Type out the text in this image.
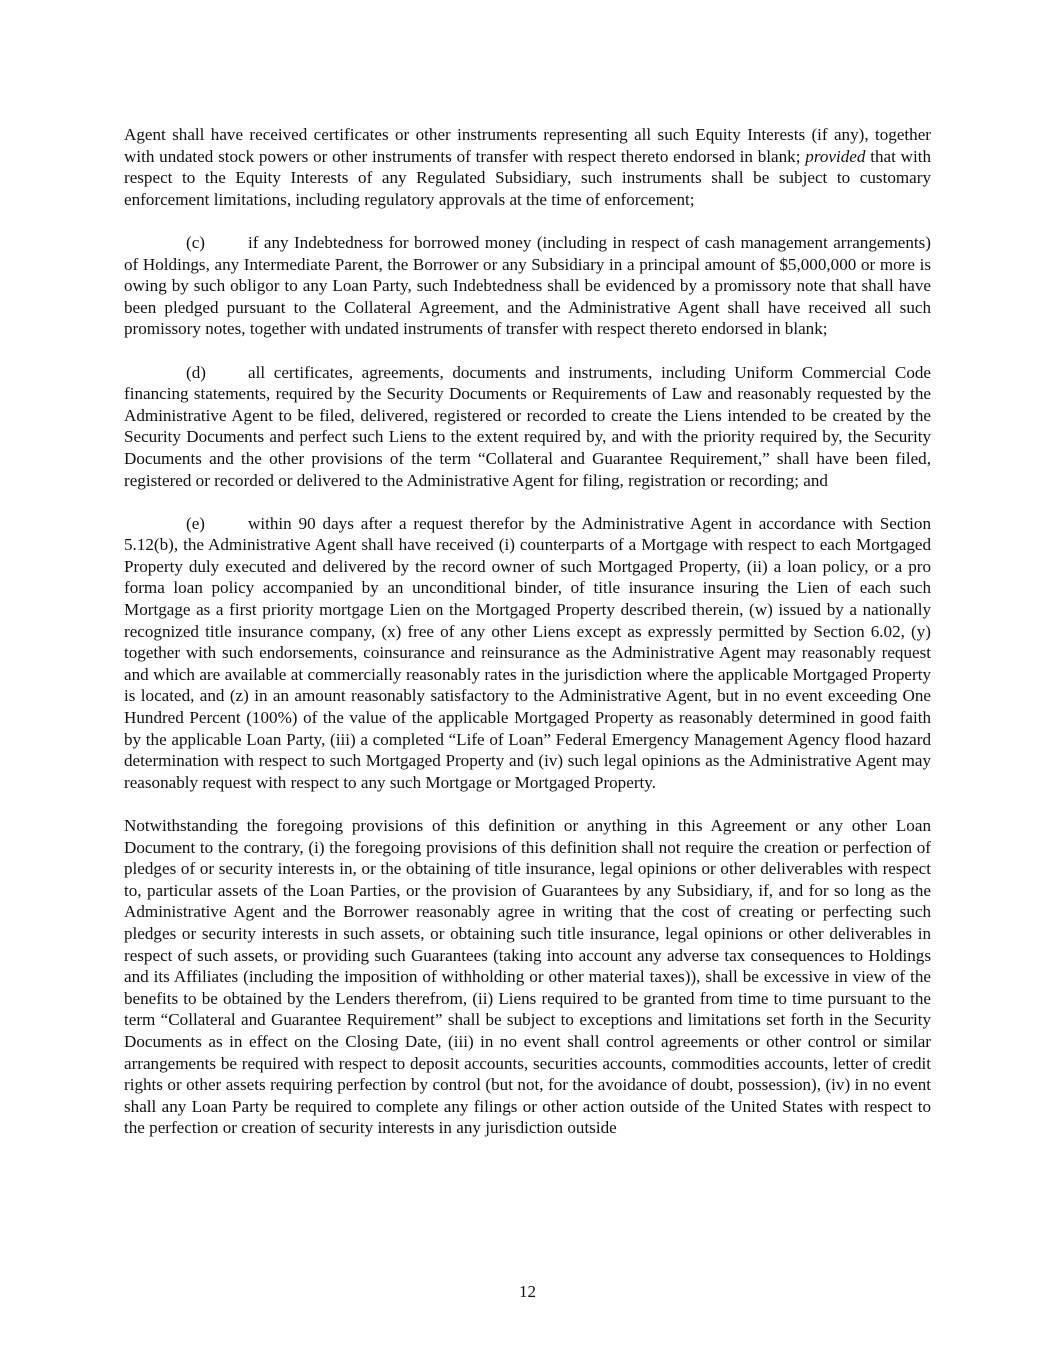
Agent shall have received certificates or other instruments representing all such Equity Interests (if any), together with undated stock powers or other instruments of transfer with respect thereto endorsed in blank; provided that with respect to the Equity Interests of any Regulated Subsidiary, such instruments shall be subject to customary enforcement limitations, including regulatory approvals at the time of enforcement;

(c)	if any Indebtedness for borrowed money (including in respect of cash management arrangements) of Holdings, any Intermediate Parent, the Borrower or any Subsidiary in a principal amount of $5,000,000 or more is owing by such obligor to any Loan Party, such Indebtedness shall be evidenced by a promissory note that shall have been pledged pursuant to the Collateral Agreement, and the Administrative Agent shall have received all such promissory notes, together with undated instruments of transfer with respect thereto endorsed in blank;

(d) all certificates, agreements, documents and instruments, including Uniform Commercial Code financing statements, required by the Security Documents or Requirements of Law and reasonably requested by the Administrative Agent to be filed, delivered, registered or recorded to create the Liens intended to be created by the Security Documents and perfect such Liens to the extent required by, and with the priority required by, the Security Documents and the other provisions of the term “Collateral and Guarantee Requirement,” shall have been filed, registered or recorded or delivered to the Administrative Agent for filing, registration or recording; and

(e)	within 90 days after a request therefor by the Administrative Agent in accordance with Section 5.12(b), the Administrative Agent shall have received (i) counterparts of a Mortgage with respect to each Mortgaged Property duly executed and delivered by the record owner of such Mortgaged Property, (ii) a loan policy, or a pro forma loan policy accompanied by an unconditional binder, of title insurance insuring the Lien of each such Mortgage as a first priority mortgage Lien on the Mortgaged Property described therein, (w) issued by a nationally recognized title insurance company, (x) free of any other Liens except as expressly permitted by Section 6.02, (y) together with such endorsements, coinsurance and reinsurance as the Administrative Agent may reasonably request and which are available at commercially reasonably rates in the jurisdiction where the applicable Mortgaged Property is located, and (z) in an amount reasonably satisfactory to the Administrative Agent, but in no event exceeding One Hundred Percent (100%) of the value of the applicable Mortgaged Property as reasonably determined in good faith by the applicable Loan Party, (iii) a completed “Life of Loan” Federal Emergency Management Agency flood hazard determination with respect to such Mortgaged Property and (iv) such legal opinions as the Administrative Agent may reasonably request with respect to any such Mortgage or Mortgaged Property.

Notwithstanding the foregoing provisions of this definition or anything in this Agreement or any other Loan Document to the contrary, (i) the foregoing provisions of this definition shall not require the creation or perfection of pledges of or security interests in, or the obtaining of title insurance, legal opinions or other deliverables with respect to, particular assets of the Loan Parties, or the provision of Guarantees by any Subsidiary, if, and for so long as the Administrative Agent and the Borrower reasonably agree in writing that the cost of creating or perfecting such pledges or security interests in such assets, or obtaining such title insurance, legal opinions or other deliverables in respect of such assets, or providing such Guarantees (taking into account any adverse tax consequences to Holdings and its Affiliates (including the imposition of withholding or other material taxes)), shall be excessive in view of the benefits to be obtained by the Lenders therefrom, (ii) Liens required to be granted from time to time pursuant to the term “Collateral and Guarantee Requirement” shall be subject to exceptions and limitations set forth in the Security Documents as in effect on the Closing Date, (iii) in no event shall control agreements or other control or similar arrangements be required with respect to deposit accounts, securities accounts, commodities accounts, letter of credit rights or other assets requiring perfection by control (but not, for the avoidance of doubt, possession), (iv) in no event shall any Loan Party be required to complete any filings or other action outside of the United States with respect to the perfection or creation of security interests in any jurisdiction outside

12
